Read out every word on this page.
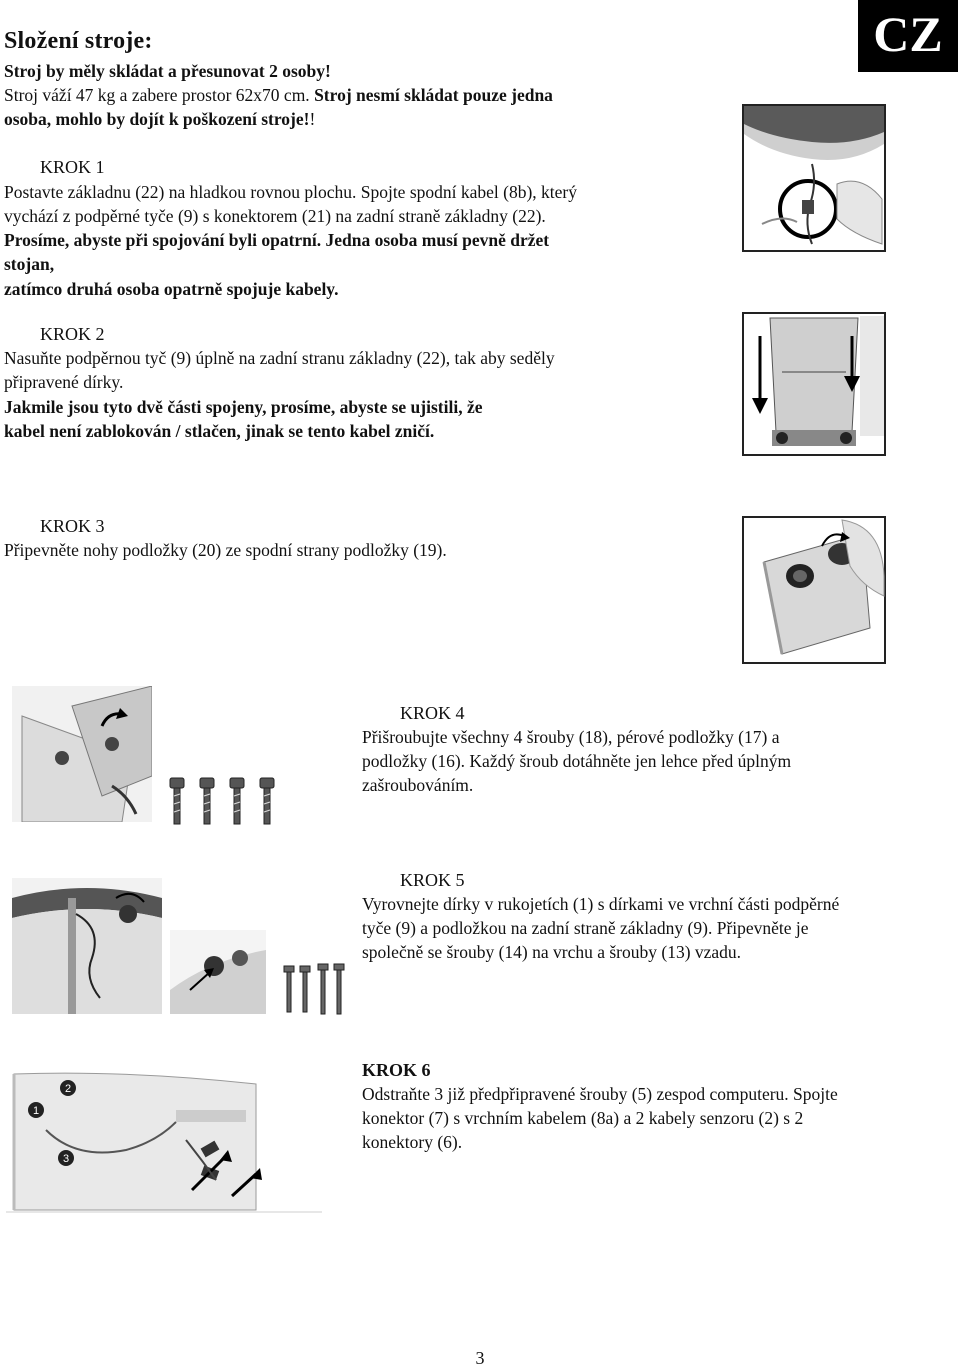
Složení stroje:	CZ
Stroj by měly skládat a přesunovat 2 osoby!
Stroj váží 47 kg a zabere prostor 62x70 cm. Stroj nesmí skládat pouze jedna
osoba, mohlo by dojít k poškození stroje!!
KROK 1
Postavte základnu (22) na hladkou rovnou plochu. Spojte spodní kabel (8b), který
vychází z podpěrné tyče (9) s konektorem (21) na zadní straně základny (22).
Prosíme, abyste při spojování byli opatrní. Jedna osoba musí pevně držet
stojan,
zatímco druhá osoba opatrně spojuje kabely.
KROK 2
Nasuňte podpěrnou tyč (9) úplně na zadní stranu základny (22), tak aby seděly
připravené dírky.
Jakmile jsou tyto dvě části spojeny, prosíme, abyste se ujistili, že
kabel není zablokován / stlačen, jinak se tento kabel zničí.
KROK 3
Připevněte nohy podložky (20) ze spodní strany podložky (19).
KROK 4
Přišroubujte všechny 4 šrouby (18), pérové podložky (17) a
podložky (16). Každý šroub dotáhněte jen lehce před úplným
zašroubováním.
KROK 5
Vyrovnejte dírky v rukojetích (1) s dírkami ve vrchní části podpěrné
tyče (9) a podložkou na zadní straně základny (9). Připevněte je
společně se šrouby (14) na vrchu a šrouby (13) vzadu.
KROK 6
Odstraňte 3 již předpřipravené šrouby (5) zespod computeru. Spojte
konektor (7) s vrchním kabelem (8a) a 2 kabely senzoru (2) s 2
konektory (6).
1
2
3
3
